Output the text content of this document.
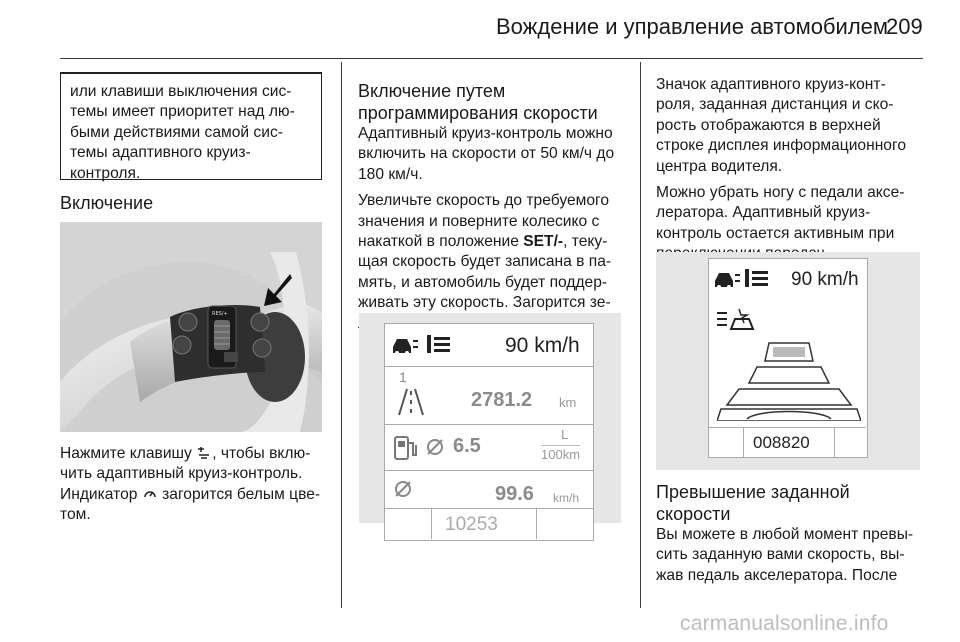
Вождение и управление автомобилем
209

или клавиши выключения сис-

темы имеет приоритет над лю-

быми действиями самой сис-

темы адаптивного круиз-

контроля.

Включение

RES/+

Нажмите клавишу , чтобы вклю-

чить адаптивный круиз-контроль.

Индикатор загорится белым цве-

том.

Включение путем

программирования скорости

Адаптивный круиз-контроль можно

включить на скорости от 50 км/ч до

180 км/ч.

Увеличьте скорость до требуемого

значения и поверните колесико с

накаткой в положение SET/-, теку-

щая скорость будет записана в па-

мять, и автомобиль будет поддер-

живать эту скорость. Загорится зе-

90 km/h
1
2781.2 km
6.5
L
100km
99.6 km/h
10253

Значок адаптивного круиз-конт-

роля, заданная дистанция и ско-

рость отображаются в верхней

строке дисплея информационного

центра водителя.

Можно убрать ногу с педали аксе-

лератора. Адаптивный круиз-

контроль остается активным при

90 km/h
008820

Превышение заданной

скорости

Вы можете в любой момент превы-

сить заданную вами скорость, вы-

жав педаль акселератора. После

carmanualsonline.info
